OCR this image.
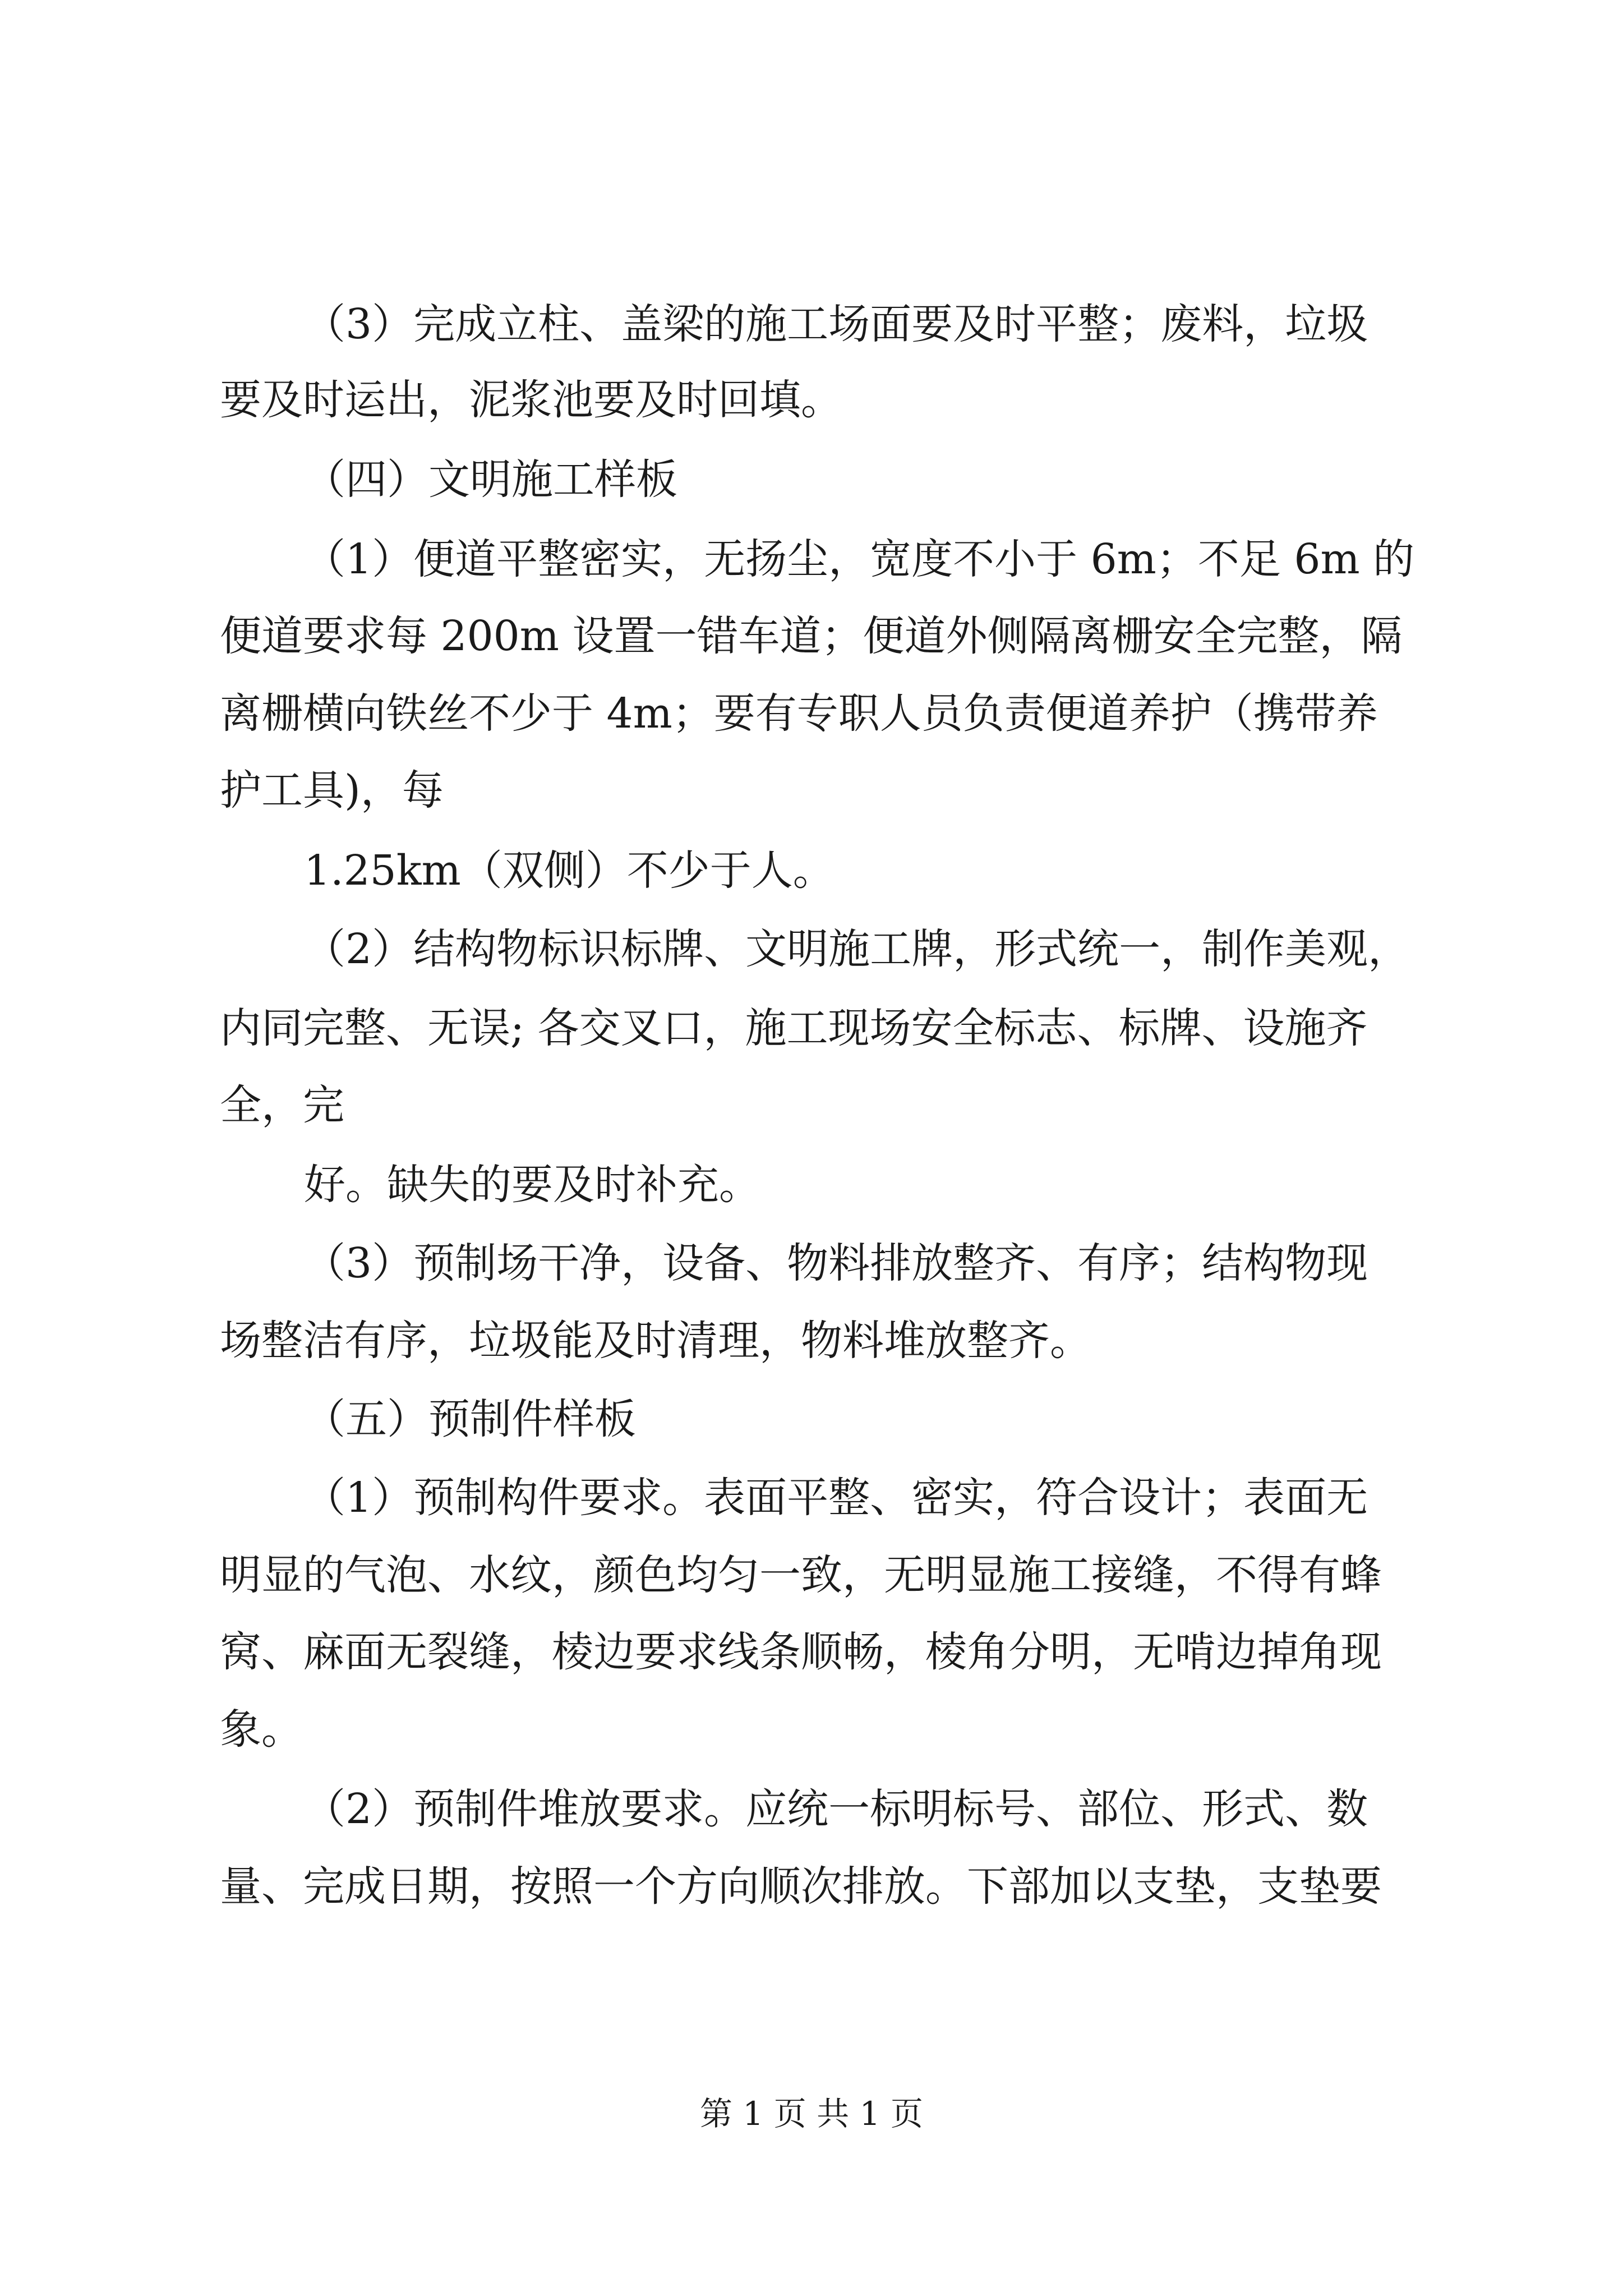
（3）完成立柱、盖梁的施工场面要及时平整；废料，垃圾
要及时运出，泥浆池要及时回填。
（四）文明施工样板
（1）便道平整密实，无扬尘，宽度不小于 6m；不足 6m 的
便道要求每 200m 设置一错车道；便道外侧隔离栅安全完整，隔
离栅横向铁丝不少于 4m；要有专职人员负责便道养护（携带养
护工具)，每
1.25km（双侧）不少于人。
（2）结构物标识标牌、文明施工牌，形式统一，制作美观，
内同完整、无误; 各交叉口，施工现场安全标志、标牌、设施齐
全，完
好。缺失的要及时补充。
（3）预制场干净，设备、物料排放整齐、有序；结构物现
场整洁有序，垃圾能及时清理，物料堆放整齐。
（五）预制件样板
（1）预制构件要求。表面平整、密实，符合设计；表面无
明显的气泡、水纹，颜色均匀一致，无明显施工接缝，不得有蜂
窝、麻面无裂缝，棱边要求线条顺畅，棱角分明，无啃边掉角现
象。
（2）预制件堆放要求。应统一标明标号、部位、形式、数
量、完成日期，按照一个方向顺次排放。下部加以支垫，支垫要
第 1 页 共 1 页
